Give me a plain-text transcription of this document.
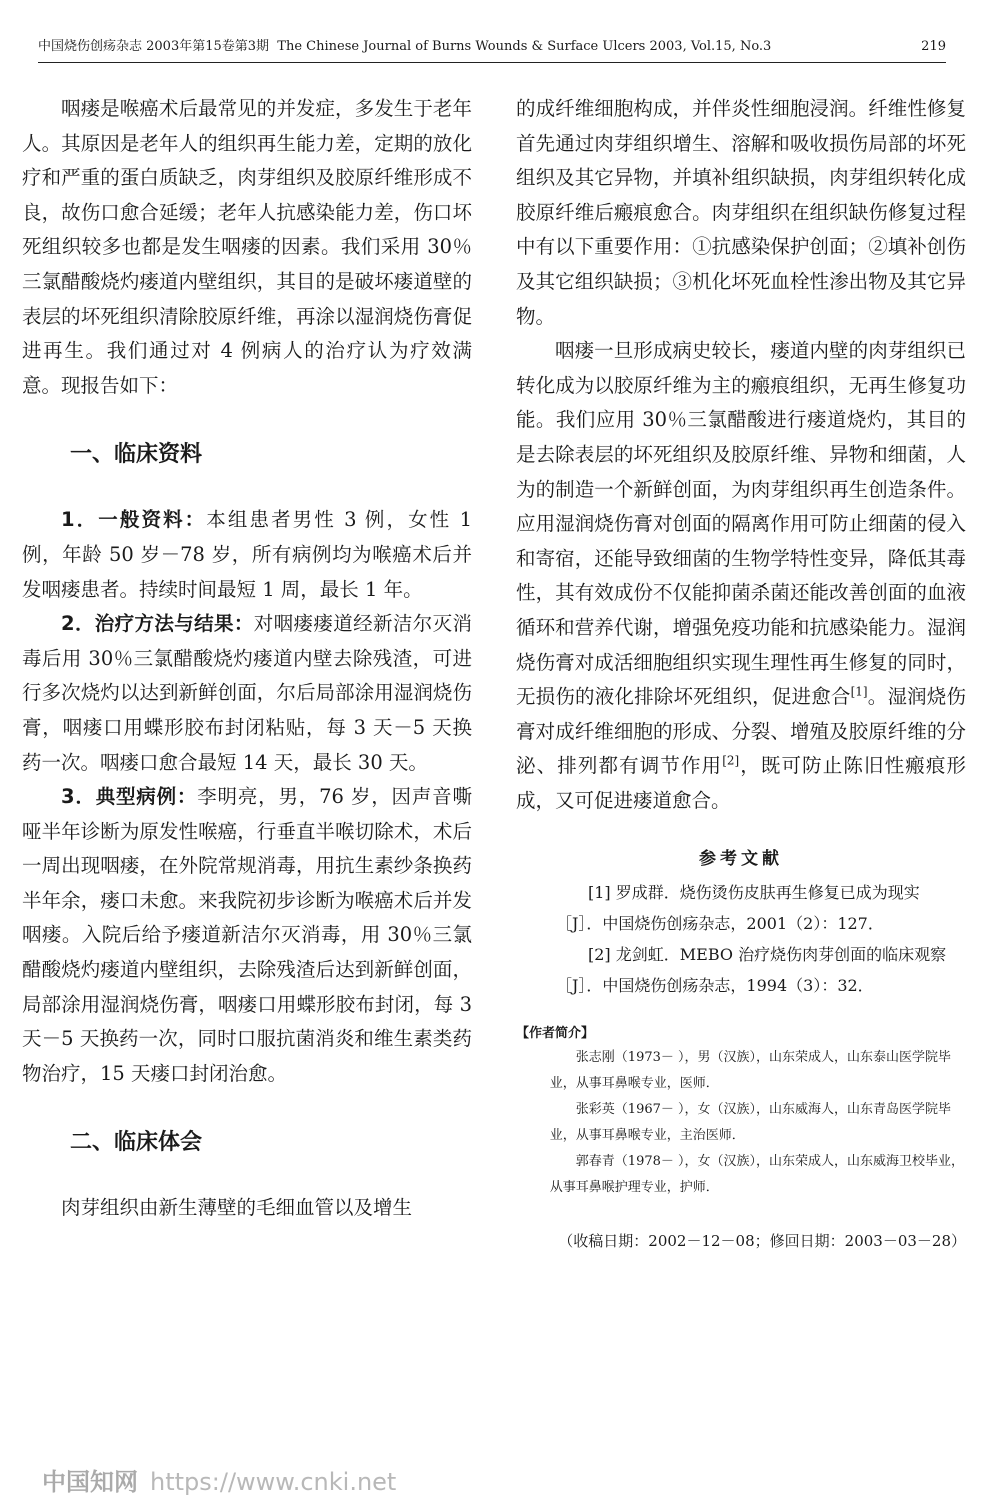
中国烧伤创疡杂志 2003年第15卷第3期 The Chinese Journal of Burns Wounds & Surface Ulcers 2003, Vol.15, No.3	219

咽瘘是喉癌术后最常见的并发症，多发生于老年人。其原因是老年人的组织再生能力差，定期的放化疗和严重的蛋白质缺乏，肉芽组织及胶原纤维形成不良，故伤口愈合延缓；老年人抗感染能力差，伤口坏死组织较多也都是发生咽瘘的因素。我们采用 30％三氯醋酸烧灼瘘道内壁组织，其目的是破坏瘘道壁的表层的坏死组织清除胶原纤维，再涂以湿润烧伤膏促进再生。我们通过对 4 例病人的治疗认为疗效满意。现报告如下：

一、临床资料

1．一般资料：本组患者男性 3 例，女性 1 例，年龄 50 岁－78 岁，所有病例均为喉癌术后并发咽瘘患者。持续时间最短 1 周，最长 1 年。

2．治疗方法与结果：对咽瘘瘘道经新洁尔灭消毒后用 30％三氯醋酸烧灼瘘道内壁去除残渣，可进行多次烧灼以达到新鲜创面，尔后局部涂用湿润烧伤膏，咽瘘口用蝶形胶布封闭粘贴，每 3 天－5 天换药一次。咽瘘口愈合最短 14 天，最长 30 天。

3．典型病例：李明亮，男，76 岁，因声音嘶哑半年诊断为原发性喉癌，行垂直半喉切除术，术后一周出现咽瘘，在外院常规消毒，用抗生素纱条换药半年余，瘘口未愈。来我院初步诊断为喉癌术后并发咽瘘。入院后给予瘘道新洁尔灭消毒，用 30％三氯醋酸烧灼瘘道内壁组织，去除残渣后达到新鲜创面，局部涂用湿润烧伤膏，咽瘘口用蝶形胶布封闭，每 3 天－5 天换药一次，同时口服抗菌消炎和维生素类药物治疗，15 天瘘口封闭治愈。

二、临床体会

肉芽组织由新生薄壁的毛细血管以及增生

的成纤维细胞构成，并伴炎性细胞浸润。纤维性修复首先通过肉芽组织增生、溶解和吸收损伤局部的坏死组织及其它异物，并填补组织缺损，肉芽组织转化成胶原纤维后瘢痕愈合。肉芽组织在组织缺伤修复过程中有以下重要作用：①抗感染保护创面；②填补创伤及其它组织缺损；③机化坏死血栓性渗出物及其它异物。

咽瘘一旦形成病史较长，瘘道内壁的肉芽组织已转化成为以胶原纤维为主的瘢痕组织，无再生修复功能。我们应用 30％三氯醋酸进行瘘道烧灼，其目的是去除表层的坏死组织及胶原纤维、异物和细菌，人为的制造一个新鲜创面，为肉芽组织再生创造条件。应用湿润烧伤膏对创面的隔离作用可防止细菌的侵入和寄宿，还能导致细菌的生物学特性变异，降低其毒性，其有效成份不仅能抑菌杀菌还能改善创面的血液循环和营养代谢，增强免疫功能和抗感染能力。湿润烧伤膏对成活细胞组织实现生理性再生修复的同时，无损伤的液化排除坏死组织，促进愈合[1]。湿润烧伤膏对成纤维细胞的形成、分裂、增殖及胶原纤维的分泌、排列都有调节作用[2]，既可防止陈旧性瘢痕形成，又可促进瘘道愈合。

参考文献

[1] 罗成群．烧伤烫伤皮肤再生修复已成为现实［J］．中国烧伤创疡杂志，2001（2）：127．

[2] 龙剑虹．MEBO 治疗烧伤肉芽创面的临床观察［J］．中国烧伤创疡杂志，1994（3）：32．

【作者简介】

张志刚（1973－ ），男（汉族），山东荣成人，山东泰山医学院毕业，从事耳鼻喉专业，医师．

张彩英（1967－ ），女（汉族），山东威海人，山东青岛医学院毕业，从事耳鼻喉专业，主治医师．

郭春青（1978－ ），女（汉族），山东荣成人，山东威海卫校毕业，从事耳鼻喉护理专业，护师．

（收稿日期：2002－12－08；修回日期：2003－03－28）
中国知网 https://www.cnki.net
